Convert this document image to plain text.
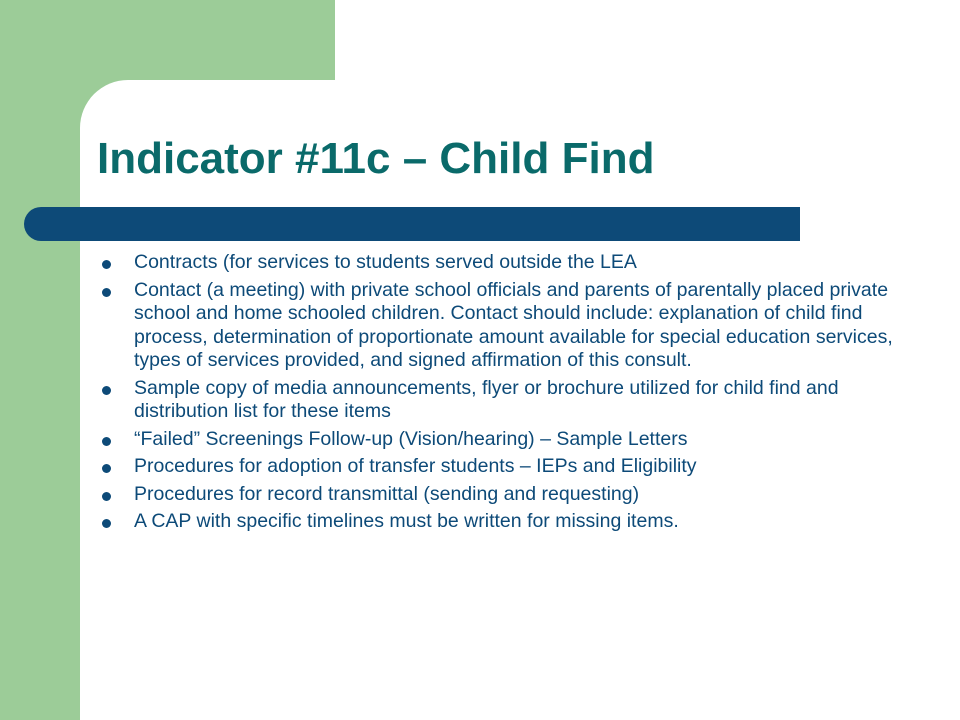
Indicator #11c – Child Find
Contracts (for services to students served outside the LEA
Contact (a meeting) with private school officials and parents of parentally placed private school and home schooled children. Contact should include: explanation of child find process, determination of proportionate amount available for special education services, types of services provided, and signed affirmation of this consult.
Sample copy of media announcements, flyer or brochure utilized for child find and distribution list for these items
“Failed” Screenings Follow-up (Vision/hearing) – Sample Letters
Procedures for adoption of transfer students – IEPs and Eligibility
Procedures for record transmittal (sending and requesting)
A CAP with specific timelines must be written for missing items.
